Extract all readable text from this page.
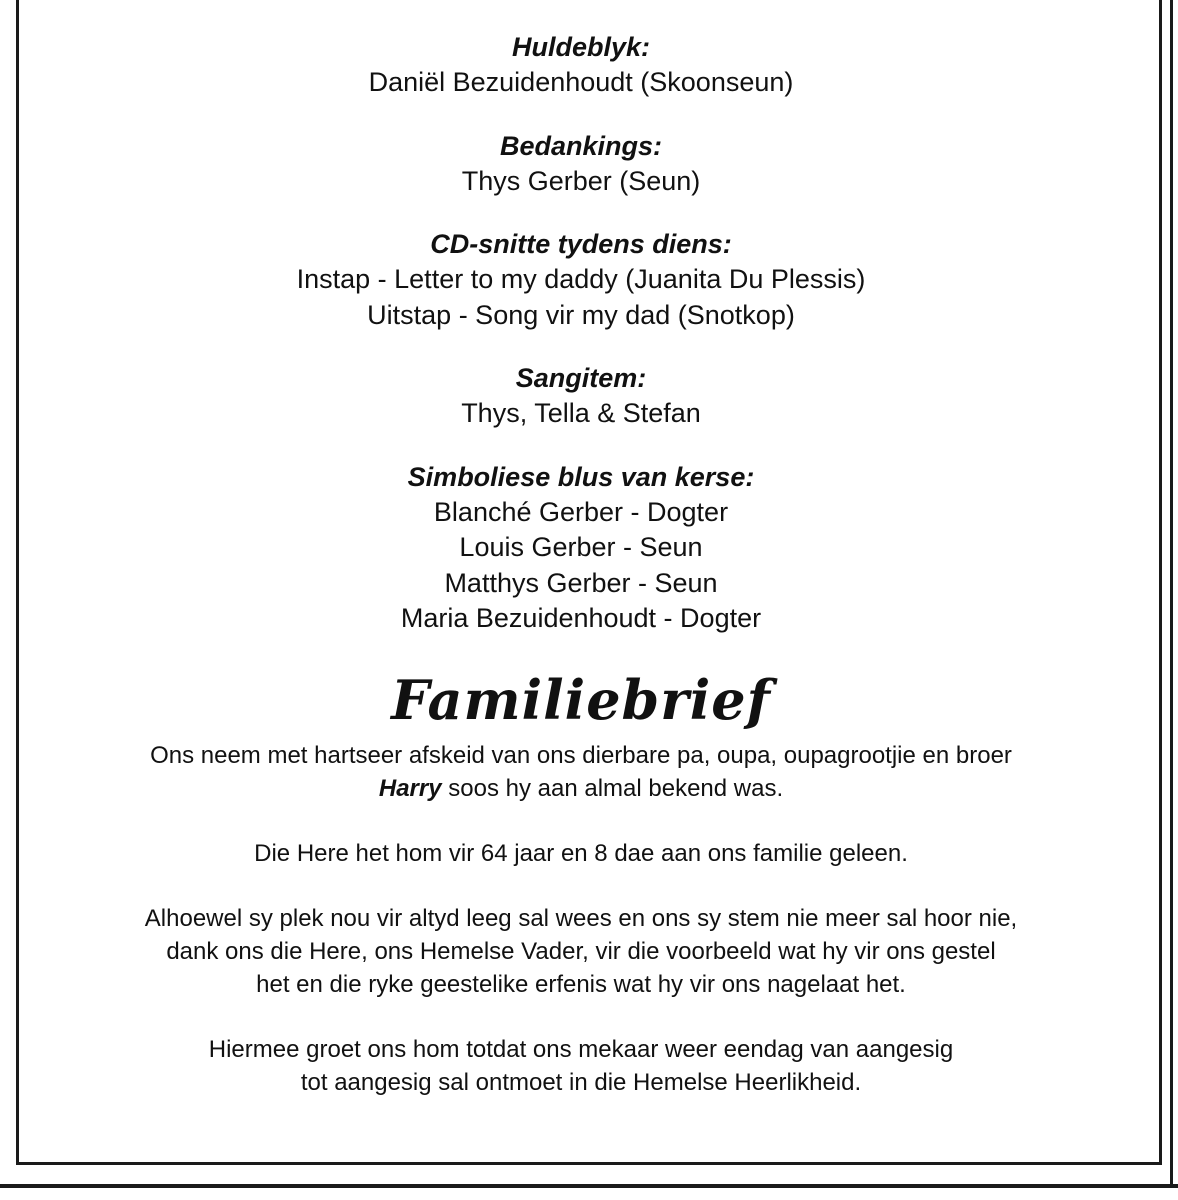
Huldeblyk:

Daniël Bezuidenhoudt (Skoonseun)

Bedankings:

Thys Gerber (Seun)

CD-snitte tydens diens:

Instap - Letter to my daddy (Juanita Du Plessis)

Uitstap - Song vir my dad (Snotkop)

Sangitem:

Thys, Tella & Stefan

Simboliese blus van kerse:

Blanché Gerber - Dogter

Louis Gerber - Seun

Matthys Gerber - Seun

Maria Bezuidenhoudt - Dogter

Familiebrief
Ons neem met hartseer afskeid van ons dierbare pa, oupa, oupagrootjie en broer
Harry soos hy aan almal bekend was.
Die Here het hom vir 64 jaar en 8 dae aan ons familie geleen.
Alhoewel sy plek nou vir altyd leeg sal wees en ons sy stem nie meer sal hoor nie,
dank ons die Here, ons Hemelse Vader, vir die voorbeeld wat hy vir ons gestel
het en die ryke geestelike erfenis wat hy vir ons nagelaat het.
Hiermee groet ons hom totdat ons mekaar weer eendag van aangesig
tot aangesig sal ontmoet in die Hemelse Heerlikheid.
